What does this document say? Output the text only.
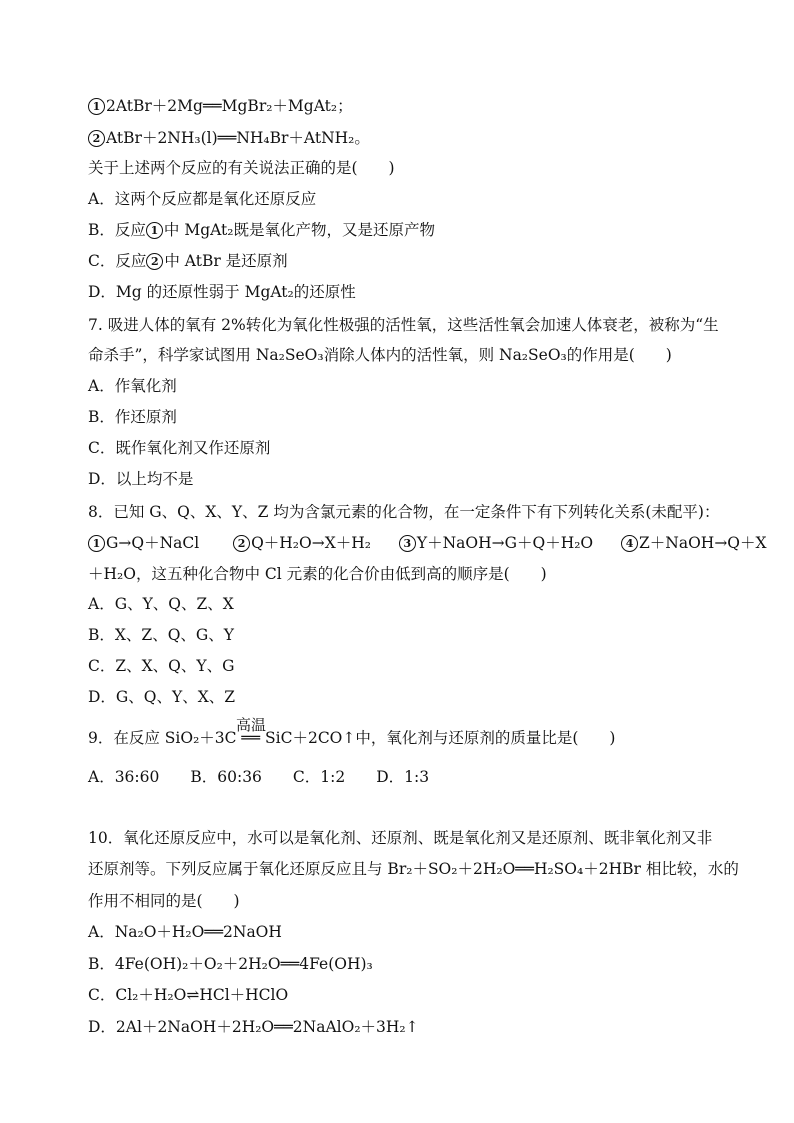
1 2AtBr＋2Mg══MgBr₂＋MgAt₂；
2 AtBr＋2NH₃(l)══NH₄Br＋AtNH₂。
关于上述两个反应的有关说法正确的是(　　)
A．这两个反应都是氧化还原反应
B．反应 1 中 MgAt₂既是氧化产物，又是还原产物
C．反应 2 中 AtBr 是还原剂
D．Mg 的还原性弱于 MgAt₂的还原性
7. 吸进人体的氧有 2%转化为氧化性极强的活性氧，这些活性氧会加速人体衰老，被称为“生
命杀手”，科学家试图用 Na₂SeO₃消除人体内的活性氧，则 Na₂SeO₃的作用是(　　)
A．作氧化剂
B．作还原剂
C．既作氧化剂又作还原剂
D．以上均不是
8．已知 G、Q、X、Y、Z 均为含氯元素的化合物，在一定条件下有下列转化关系(未配平)：
1 G→Q＋NaCl	2 Q＋H₂O→X＋H₂	3 Y＋NaOH→G＋Q＋H₂O	4 Z＋NaOH→Q＋X
＋H₂O，这五种化合物中 Cl 元素的化合价由低到高的顺序是(　　)
A．G、Y、Q、Z、X
B．X、Z、Q、G、Y
C．Z、X、Q、Y、G
D．G、Q、Y、X、Z
高温
9．在反应 SiO₂＋3C ══ SiC＋2CO↑中，氧化剂与还原剂的质量比是(　　)
A．36:60　　B．60:36　　C．1:2　　D．1:3
10．氧化还原反应中，水可以是氧化剂、还原剂、既是氧化剂又是还原剂、既非氧化剂又非
还原剂等。下列反应属于氧化还原反应且与 Br₂＋SO₂＋2H₂O══H₂SO₄＋2HBr 相比较，水的
作用不相同的是(　　)
A．Na₂O＋H₂O══2NaOH
B．4Fe(OH)₂＋O₂＋2H₂O══4Fe(OH)₃
C．Cl₂＋H₂O⇌HCl＋HClO
D．2Al＋2NaOH＋2H₂O══2NaAlO₂＋3H₂↑
